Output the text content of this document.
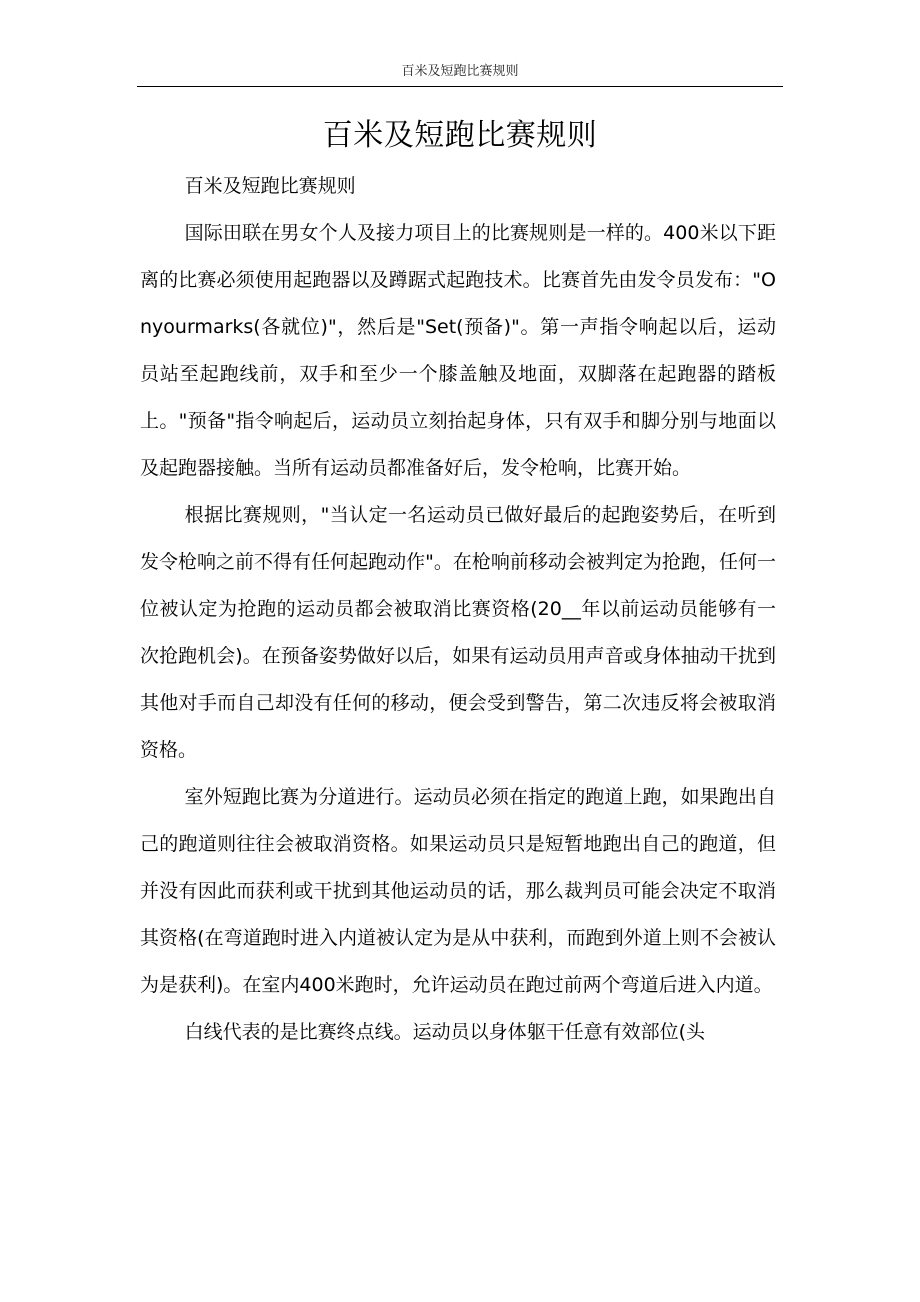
百米及短跑比赛规则
百米及短跑比赛规则

百米及短跑比赛规则

国际田联在男女个人及接力项目上的比赛规则是一样的。400米以下距离的比赛必须使用起跑器以及蹲踞式起跑技术。比赛首先由发令员发布："Onyourmarks(各就位)"，然后是"Set(预备)"。第一声指令响起以后，运动员站至起跑线前，双手和至少一个膝盖触及地面，双脚落在起跑器的踏板上。"预备"指令响起后，运动员立刻抬起身体，只有双手和脚分别与地面以及起跑器接触。当所有运动员都准备好后，发令枪响，比赛开始。

根据比赛规则，"当认定一名运动员已做好最后的起跑姿势后，在听到发令枪响之前不得有任何起跑动作"。在枪响前移动会被判定为抢跑，任何一位被认定为抢跑的运动员都会被取消比赛资格(20__年以前运动员能够有一次抢跑机会)。在预备姿势做好以后，如果有运动员用声音或身体抽动干扰到其他对手而自己却没有任何的移动，便会受到警告，第二次违反将会被取消资格。

室外短跑比赛为分道进行。运动员必须在指定的跑道上跑，如果跑出自己的跑道则往往会被取消资格。如果运动员只是短暂地跑出自己的跑道，但并没有因此而获利或干扰到其他运动员的话，那么裁判员可能会决定不取消其资格(在弯道跑时进入内道被认定为是从中获利，而跑到外道上则不会被认为是获利)。在室内400米跑时，允许运动员在跑过前两个弯道后进入内道。

白线代表的是比赛终点线。运动员以身体躯干任意有效部位(头
